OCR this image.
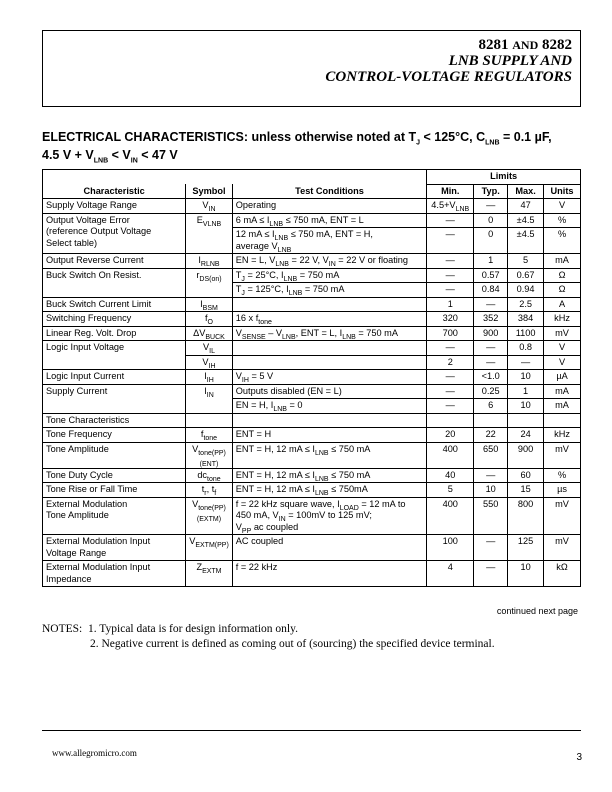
8281 AND 8282
LNB SUPPLY AND
CONTROL-VOLTAGE REGULATORS
ELECTRICAL CHARACTERISTICS: unless otherwise noted at $T_J < 125^\circ C$, $C_{LNB} = 0.1$ µF,
4.5 $V + V_{LNB} < V_{IN} < 47$ V
			Limits			
Characteristic	Symbol	Test Conditions	Min.	Typ.	Max.	Units
Supply Voltage Range	$V_{IN}$	Operating	$4.5+V_{LNB}$	—	47	V
Output Voltage Error
(reference Output Voltage
Select table)	$E_{VLNB}$	6 mA ≤ $I_{LNB} \le 750$ mA, ENT = L	—	0	±4.5	%
		12 mA ≤ $I_{LNB} \le 750$ mA, ENT = H,
average $V_{LNB}$	—	0	±4.5	%
Output Reverse Current	$I_{RLNB}$	EN = L, $V_{LNB} = 22$ V, $V_{IN} = 22$ V or floating	—	1	5	mA
Buck Switch On Resist.	$r_{DS(on)}$	$T_J = 25^\circ C$, $I_{LNB} = 750$ mA	—	0.57	0.67	Ω
		$T_J = 125^\circ C$, $I_{LNB} = 750$ mA	—	0.84	0.94	Ω
Buck Switch Current Limit	$I_{BSM}$		1	—	2.5	A
Switching Frequency	$f_O$	16 x $f_{tone}$	320	352	384	kHz
Linear Reg. Volt. Drop	$\Delta V_{BUCK}$	$V_{SENSE} - V_{LNB}$, ENT = L, $I_{LNB} = 750$ mA	700	900	1100	mV
Logic Input Voltage	$V_{IL}$		—	—	0.8	V
	$V_{IH}$		2	—	—	V
Logic Input Current	$I_{IH}$	$V_{IH} = 5$ V	—	<1.0	10	µA
Supply Current	$I_{IN}$	Outputs disabled (EN = L)	—	0.25	1	mA
		EN = H, $I_{LNB} = 0$	—	6	10	mA
Tone Characteristics						
Tone Frequency	$f_{tone}$	ENT = H	20	22	24	kHz
Tone Amplitude	$V_{tone(PP)(ENT)}$	ENT = H, 12 mA ≤ $I_{LNB} \le 750$ mA	400	650	900	mV
Tone Duty Cycle	$dc_{tone}$	ENT = H, 12 mA ≤ $I_{LNB} \le 750$ mA	40	—	60	%
Tone Rise or Fall Time	$t_r$, $t_f$	ENT = H, 12 mA ≤ $I_{LNB} \le 750mA$	5	10	15	µs
External Modulation
Tone Amplitude	$V_{tone(PP)(EXTM)}$	f = 22 kHz square wave, $I_{LOAD} = 12$ mA to
450 mA, $V_{IN} = 100mV$ to 125 mV;
$V_{PP}$ ac coupled	400	550	800	mV
External Modulation Input
Voltage Range	$V_{EXTM(PP)}$	AC coupled	100	—	125	mV
External Modulation Input
Impedance	$Z_{EXTM}$	f = 22 kHz	4	—	10	kΩ
continued next page
NOTES: 1. Typical data is for design information only.
2. Negative current is defined as coming out of (sourcing) the specified device terminal.
www.allegromicro.com	3
